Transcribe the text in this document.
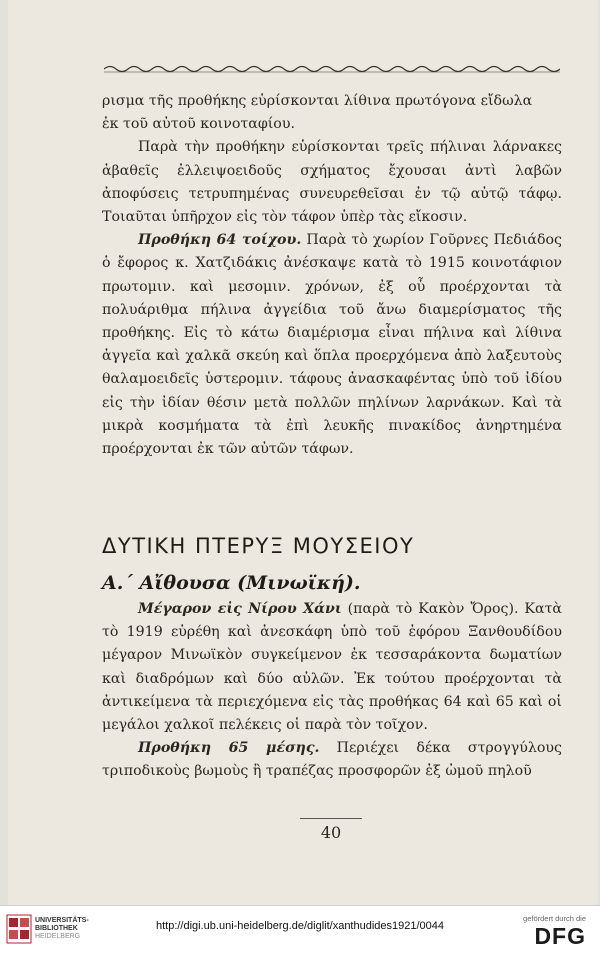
ρισμα τῆς προθήκης εὑρίσκονται λίθινα πρωτόγονα εἴδωλα

ἐκ τοῦ αὐτοῦ κοινοταφίου.

Παρὰ τὴν προθήκην εὑρίσκονται τρεῖς πήλιναι λάρνακες ἀβαθεῖς ἐλλειψοειδοῦς σχήματος ἔχουσαι ἀντὶ λαβῶν ἀποφύσεις τετρυπημένας συνευρεθεῖσαι ἐν τῷ αὐτῷ τάφῳ. Τοιαῦται ὑπῆρχον εἰς τὸν τάφον ὑπὲρ τὰς εἴκοσιν.

Προθήκη 64 τοίχου. Παρὰ τὸ χωρίον Γοῦρνες Πεδιάδος ὁ ἔφορος κ. Χατζιδάκις ἀνέσκαψε κατὰ τὸ 1915 κοινοτάφιον πρωτομιν. καὶ μεσομιν. χρόνων, ἐξ οὗ προέρχονται τὰ πολυάριθμα πήλινα ἀγγείδια τοῦ ἄνω διαμερίσματος τῆς προθήκης. Εἰς τὸ κάτω διαμέρισμα εἶναι πήλινα καὶ λίθινα ἀγγεῖα καὶ χαλκᾶ σκεύη καὶ ὅπλα προερχόμενα ἀπὸ λαξευτοὺς θαλαμοειδεῖς ὑστερομιν. τάφους ἀνασκαφέντας ὑπὸ τοῦ ἰδίου εἰς τὴν ἰδίαν θέσιν μετὰ πολλῶν πηλίνων λαρνάκων. Καὶ τὰ μικρὰ κοσμήματα τὰ ἐπὶ λευκῆς πινακίδος ἀνηρτημένα προέρχονται ἐκ τῶν αὐτῶν τάφων.

ΔΥΤΙΚΗ ΠΤΕΡΥΞ ΜΟΥΣΕΙΟΥ
Α.΄ Αἴθουσα (Μινωϊκή).

Μέγαρον εἰς Νίρου Χάνι (παρὰ τὸ Κακὸν Ὄρος). Κατὰ τὸ 1919 εὑρέθη καὶ ἀνεσκάφη ὑπὸ τοῦ ἐφόρου Ξανθουδίδου μέγαρον Μινωϊκὸν συγκείμενον ἐκ τεσσαράκοντα δωματίων καὶ διαδρόμων καὶ δύο αὐλῶν. Ἐκ τούτου προέρχονται τὰ ἀντικείμενα τὰ περιεχόμενα εἰς τὰς προθήκας 64 καὶ 65 καὶ οἱ μεγάλοι χαλκοῖ πελέκεις οἱ παρὰ τὸν τοῖχον.

Προθήκη 65 μέσης. Περιέχει δέκα στρογγύλους τριποδικοὺς βωμοὺς ἢ τραπέζας προσφορῶν ἐξ ὠμοῦ πηλοῦ

40
UNIVERSITÄTS-
BIBLIOTHEK
HEIDELBERG
http://digi.ub.uni-heidelberg.de/diglit/xanthudides1921/0044
gefördert durch die
DFG
